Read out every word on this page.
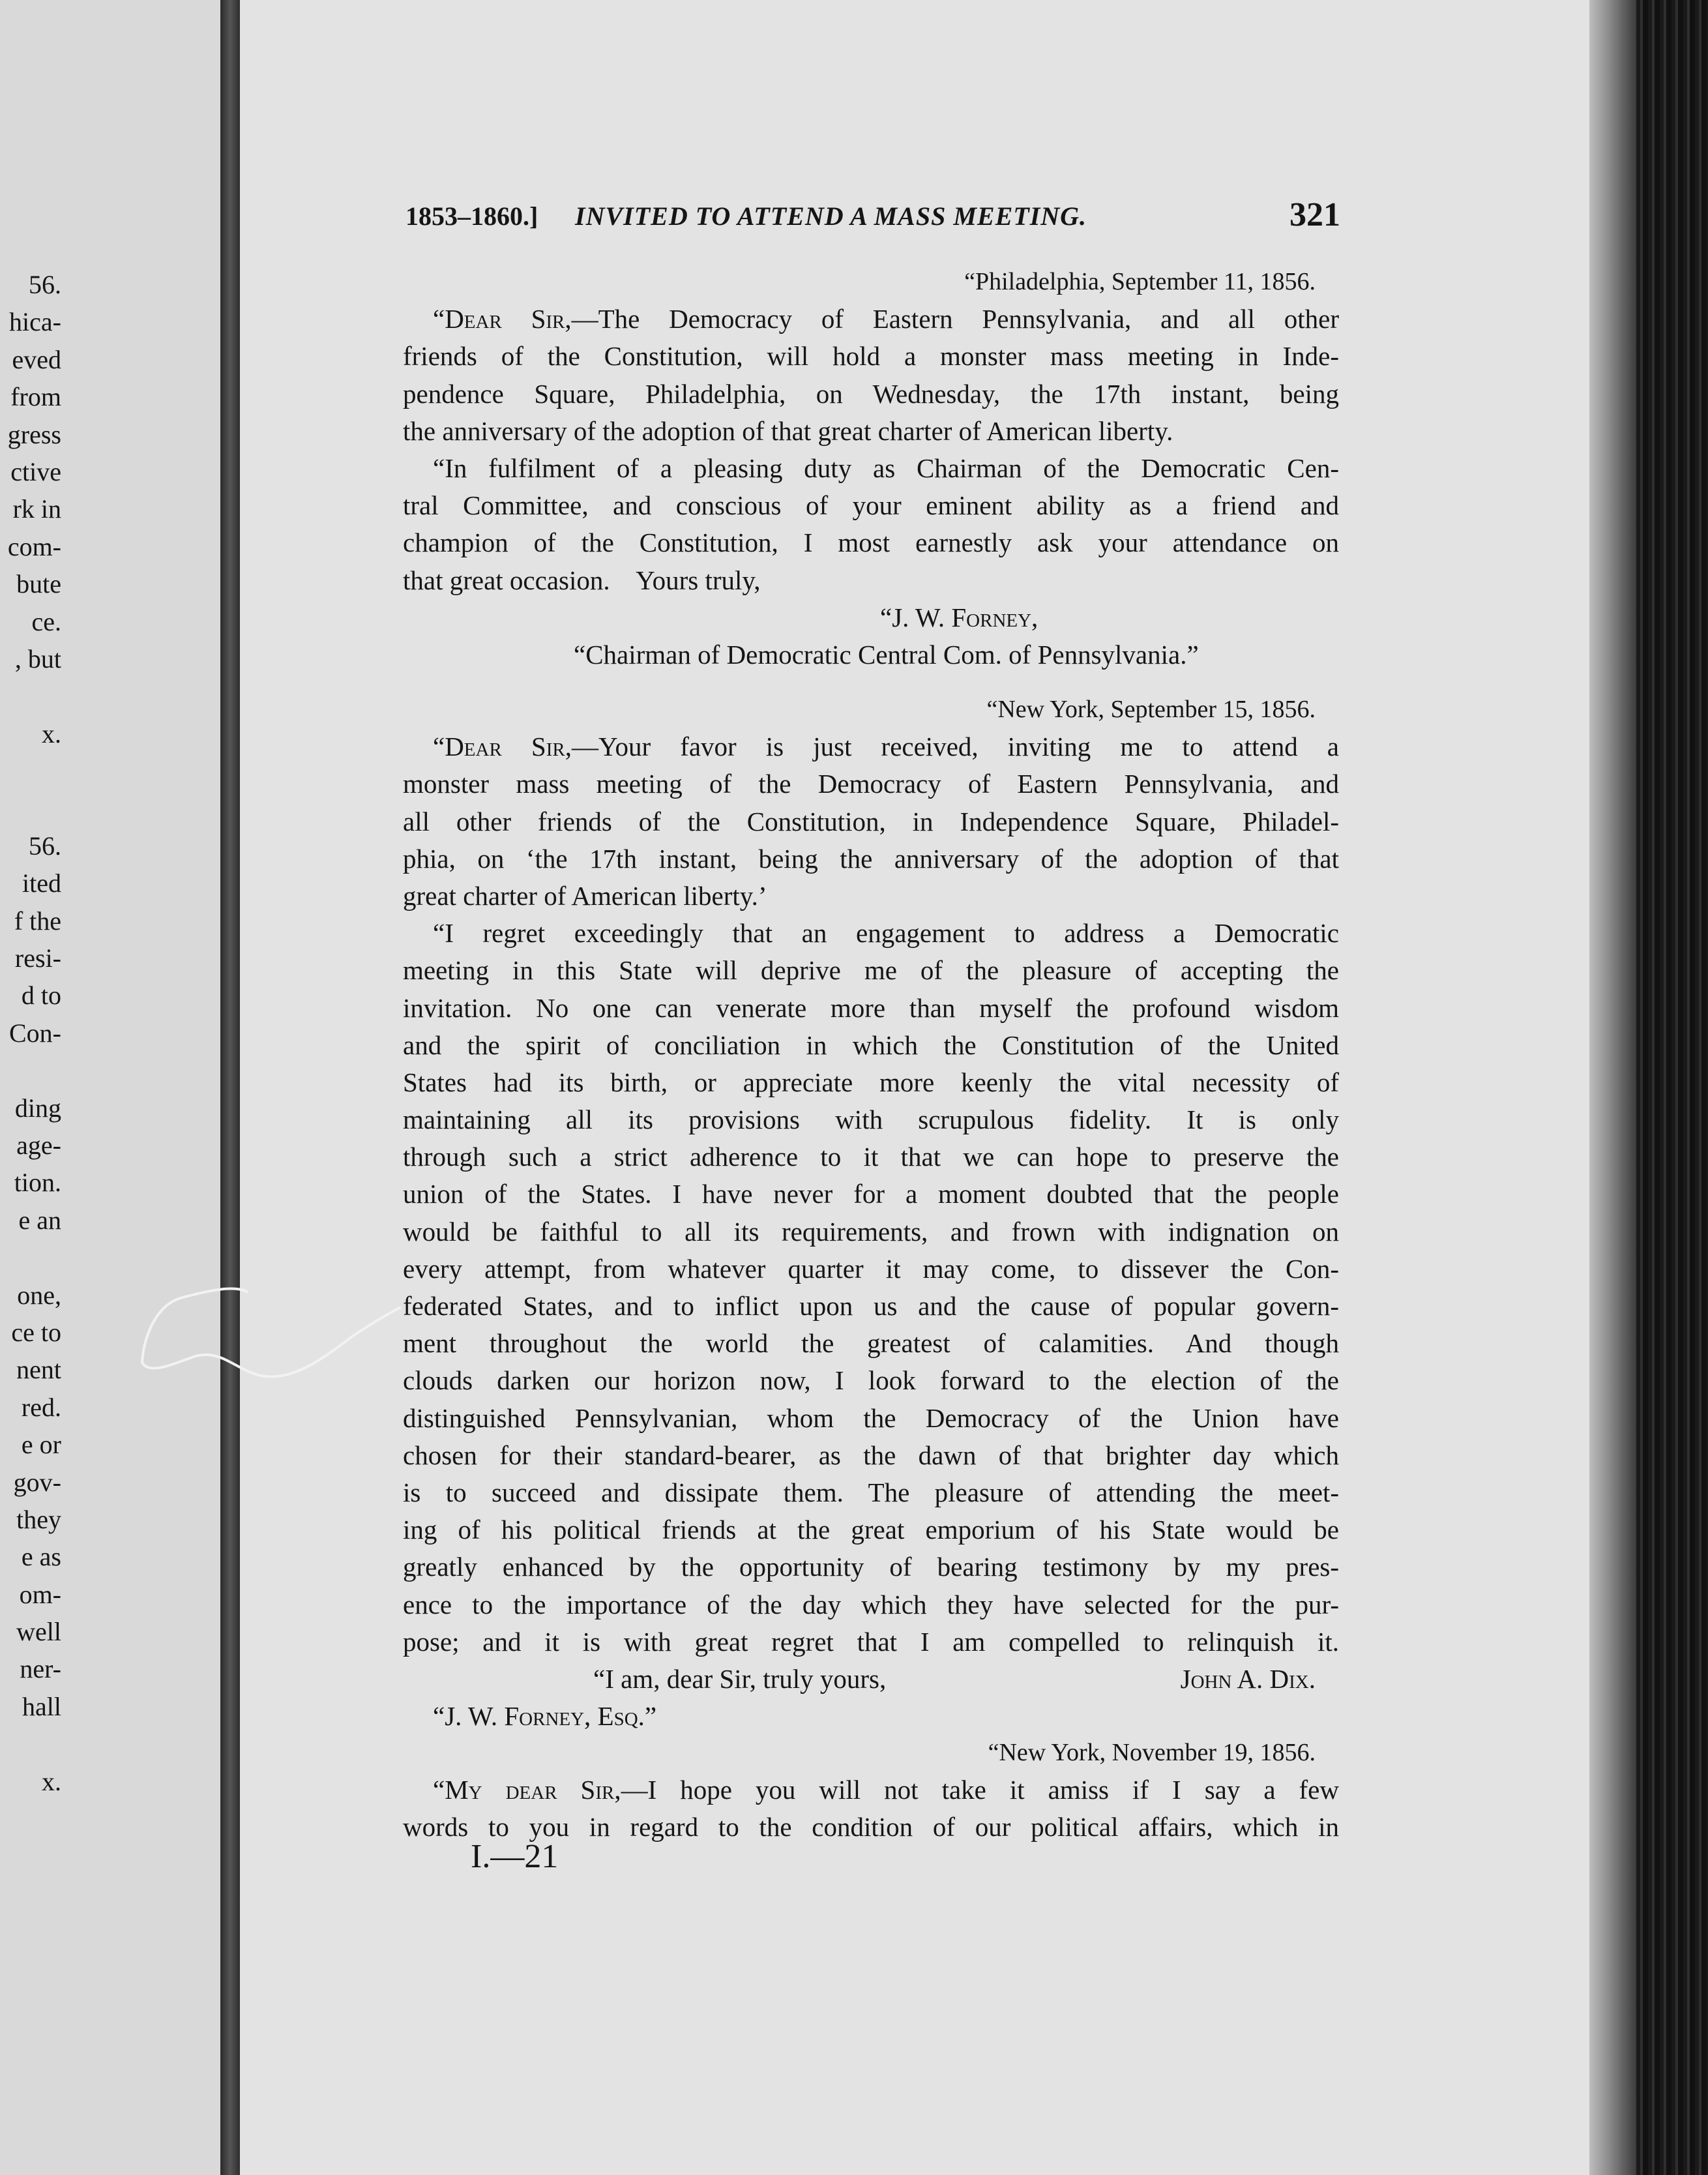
56.
hica-
eved
from
gress
ctive
rk in
com-
bute
ce.
, but
x.
56.
ited
f the
resi-
d to
Con-
ding
age-
tion.
e an
one,
ce to
nent
red.
e or
gov-
they
e as
om-
well
ner-
hall
x.
1853–1860.] INVITED TO ATTEND A MASS MEETING.	321
“Philadelphia, September 11, 1856.
“Dear Sir,—The Democracy of Eastern Pennsylvania, and all other
friends of the Constitution, will hold a monster mass meeting in Inde-
pendence Square, Philadelphia, on Wednesday, the 17th instant, being
the anniversary of the adoption of that great charter of American liberty.
“In fulfilment of a pleasing duty as Chairman of the Democratic Cen-
tral Committee, and conscious of your eminent ability as a friend and
champion of the Constitution, I most earnestly ask your attendance on
that great occasion.    Yours truly,
“J. W. Forney,
“Chairman of Democratic Central Com. of Pennsylvania.”
“New York, September 15, 1856.
“Dear Sir,—Your favor is just received, inviting me to attend a
monster mass meeting of the Democracy of Eastern Pennsylvania, and
all other friends of the Constitution, in Independence Square, Philadel-
phia, on ‘the 17th instant, being the anniversary of the adoption of that
great charter of American liberty.’
“I regret exceedingly that an engagement to address a Democratic
meeting in this State will deprive me of the pleasure of accepting the
invitation. No one can venerate more than myself the profound wisdom
and the spirit of conciliation in which the Constitution of the United
States had its birth, or appreciate more keenly the vital necessity of
maintaining all its provisions with scrupulous fidelity. It is only
through such a strict adherence to it that we can hope to preserve the
union of the States. I have never for a moment doubted that the people
would be faithful to all its requirements, and frown with indignation on
every attempt, from whatever quarter it may come, to dissever the Con-
federated States, and to inflict upon us and the cause of popular govern-
ment throughout the world the greatest of calamities. And though
clouds darken our horizon now, I look forward to the election of the
distinguished Pennsylvanian, whom the Democracy of the Union have
chosen for their standard-bearer, as the dawn of that brighter day which
is to succeed and dissipate them. The pleasure of attending the meet-
ing of his political friends at the great emporium of his State would be
greatly enhanced by the opportunity of bearing testimony by my pres-
ence to the importance of the day which they have selected for the pur-
pose; and it is with great regret that I am compelled to relinquish it.
“I am, dear Sir, truly yours,	John A. Dix.
“J. W. Forney, Esq.”
“New York, November 19, 1856.
“My dear Sir,—I hope you will not take it amiss if I say a few
words to you in regard to the condition of our political affairs, which in
I.—21
